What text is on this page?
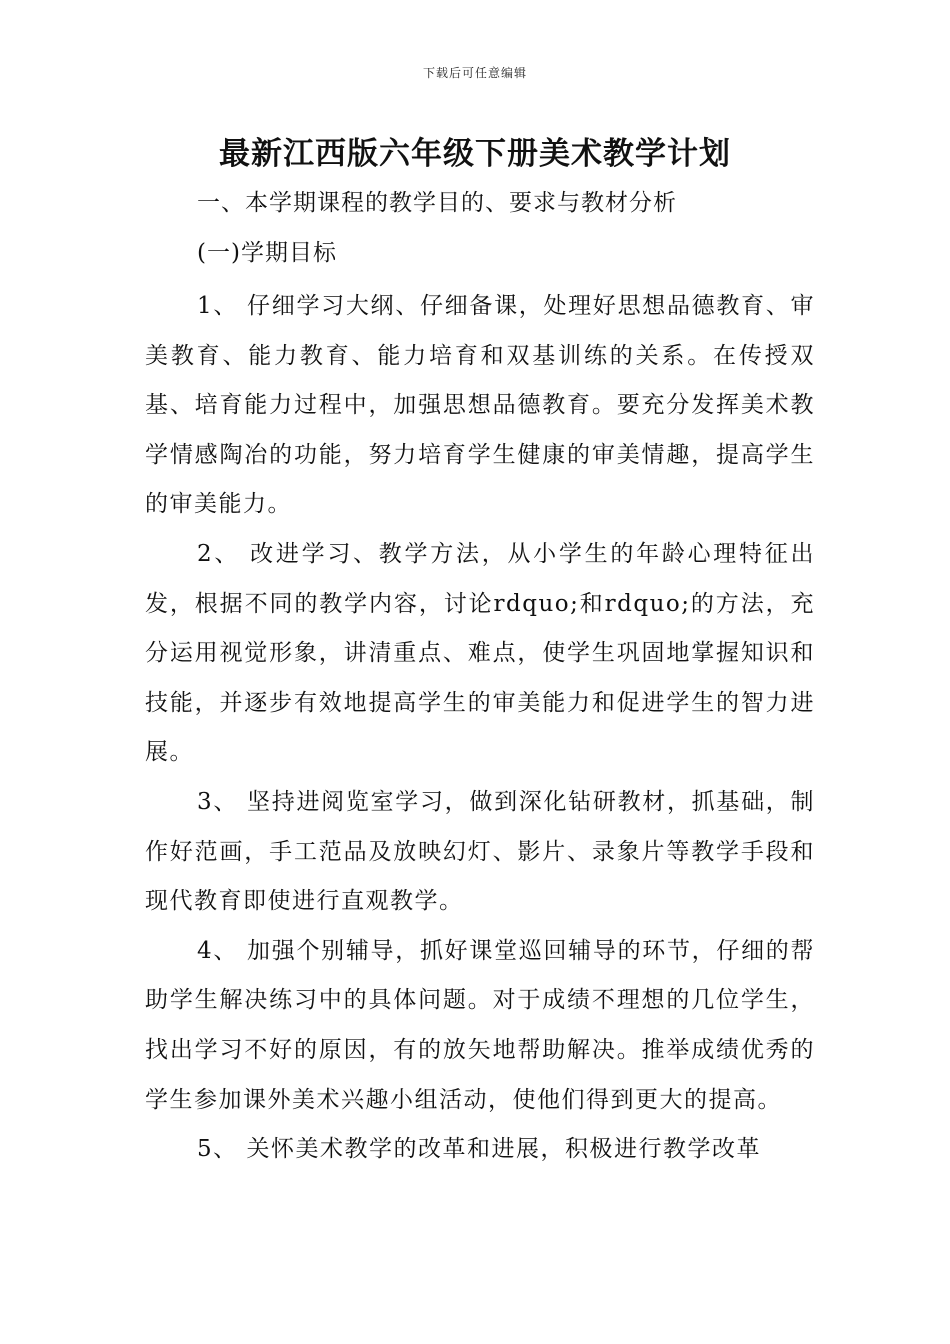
下载后可任意编辑
最新江西版六年级下册美术教学计划

一、本学期课程的教学目的、要求与教材分析

(一)学期目标

1、 仔细学习大纲、仔细备课，处理好思想品德教育、审美教育、能力教育、能力培育和双基训练的关系。在传授双基、培育能力过程中，加强思想品德教育。要充分发挥美术教学情感陶冶的功能，努力培育学生健康的审美情趣，提高学生的审美能力。

2、 改进学习、教学方法，从小学生的年龄心理特征出发，根据不同的教学内容，讨论rdquo;和rdquo;的方法，充分运用视觉形象，讲清重点、难点，使学生巩固地掌握知识和技能，并逐步有效地提高学生的审美能力和促进学生的智力进展。

3、 坚持进阅览室学习，做到深化钻研教材，抓基础，制作好范画，手工范品及放映幻灯、影片、录象片等教学手段和现代教育即使进行直观教学。

4、 加强个别辅导，抓好课堂巡回辅导的环节，仔细的帮助学生解决练习中的具体问题。对于成绩不理想的几位学生，找出学习不好的原因，有的放矢地帮助解决。推举成绩优秀的学生参加课外美术兴趣小组活动，使他们得到更大的提高。

5、 关怀美术教学的改革和进展，积极进行教学改革
